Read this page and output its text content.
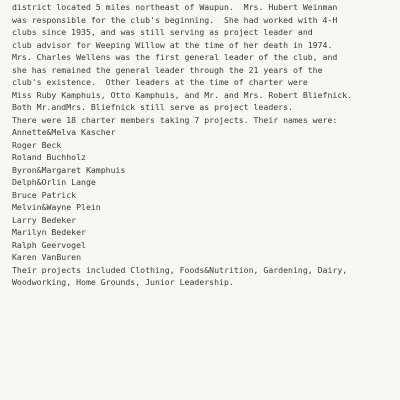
district located 5 miles northeast of Waupun.  Mrs. Hubert Weinman
was responsible for the club's beginning.  She had worked with 4-H
clubs since 1935, and was still serving as project leader and
club advisor for Weeping Willow at the time of her death in 1974.
Mrs. Charles Wellens was the first general leader of the club, and
she has remained the general leader through the 21 years of the
club's existence.  Other leaders at the time of charter were
Miss Ruby Kamphuis, Otto Kamphuis, and Mr. and Mrs. Robert Bliefnick.
Both Mr.andMrs. Bliefnick still serve as project leaders.
There were 18 charter members taking 7 projects. Their names were:
Annette&Melva Kascher
Roger Beck
Roland Buchholz
Byron&Margaret Kamphuis
Delph&Orlin Lange
Bruce Patrick
Melvin&Wayne Plein
Larry Bedeker
Marilyn Bedeker
Ralph Geervogel
Karen VanBuren
Their projects included Clothing, Foods&Nutrition, Gardening, Dairy,
Woodworking, Home Grounds, Junior Leadership.
